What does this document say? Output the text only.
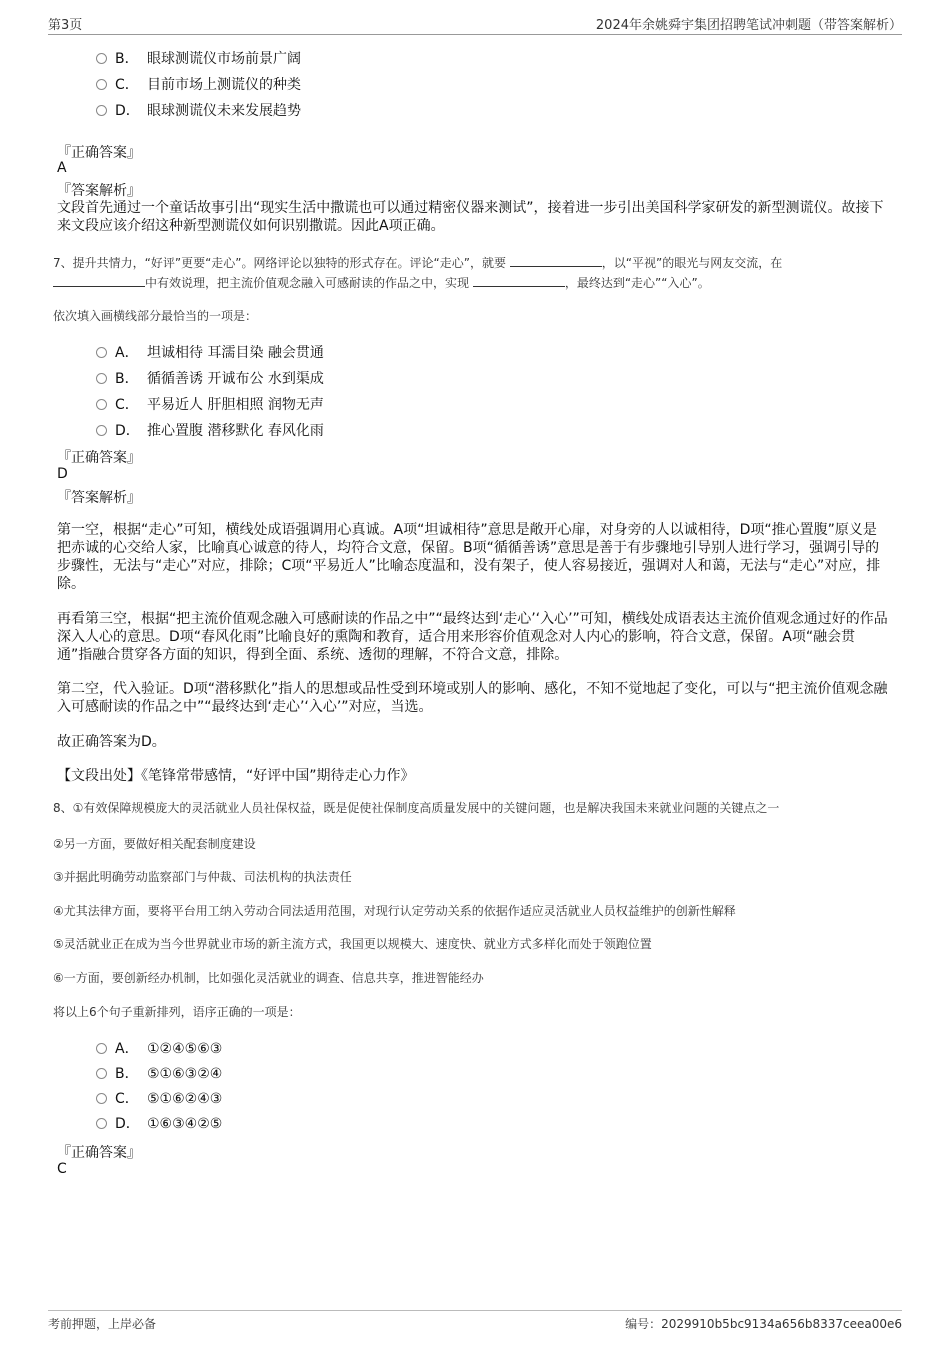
第3页	2024年余姚舜宇集团招聘笔试冲刺题（带答案解析）
B． 眼球测谎仪市场前景广阔
C． 目前市场上测谎仪的种类
D． 眼球测谎仪未来发展趋势
『正确答案』
A
『答案解析』
文段首先通过一个童话故事引出“现实生活中撒谎也可以通过精密仪器来测试”，接着进一步引出美国科学家研发的新型测谎仪。故接下来文段应该介绍这种新型测谎仪如何识别撒谎。因此A项正确。
7、提升共情力，“好评”更要“走心”。网络评论以独特的形式存在。评论“走心”，就要	，以“平视”的眼光与网友交流，在
中有效说理，把主流价值观念融入可感耐读的作品之中，实现	，最终达到“走心”“入心”。
依次填入画横线部分最恰当的一项是：
A． 坦诚相待 耳濡目染 融会贯通
B． 循循善诱 开诚布公 水到渠成
C． 平易近人 肝胆相照 润物无声
D． 推心置腹 潜移默化 春风化雨
『正确答案』
D
『答案解析』
第一空，根据“走心”可知，横线处成语强调用心真诚。A项“坦诚相待”意思是敞开心扉，对身旁的人以诚相待，D项“推心置腹”原义是把赤诚的心交给人家，比喻真心诚意的待人，均符合文意，保留。B项“循循善诱”意思是善于有步骤地引导别人进行学习，强调引导的步骤性，无法与“走心”对应，排除；C项“平易近人”比喻态度温和，没有架子，使人容易接近，强调对人和蔼，无法与“走心”对应，排除。
再看第三空，根据“把主流价值观念融入可感耐读的作品之中”“最终达到‘走心’‘入心’”可知，横线处成语表达主流价值观念通过好的作品深入人心的意思。D项“春风化雨”比喻良好的熏陶和教育，适合用来形容价值观念对人内心的影响，符合文意，保留。A项“融会贯通”指融合贯穿各方面的知识，得到全面、系统、透彻的理解，不符合文意，排除。
第二空，代入验证。D项“潜移默化”指人的思想或品性受到环境或别人的影响、感化，不知不觉地起了变化，可以与“把主流价值观念融入可感耐读的作品之中”“最终达到‘走心’‘入心’”对应，当选。
故正确答案为D。
【文段出处】《笔锋常带感情，“好评中国”期待走心力作》
8、①有效保障规模庞大的灵活就业人员社保权益，既是促使社保制度高质量发展中的关键问题，也是解决我国未来就业问题的关键点之一
②另一方面，要做好相关配套制度建设
③并据此明确劳动监察部门与仲裁、司法机构的执法责任
④尤其法律方面，要将平台用工纳入劳动合同法适用范围，对现行认定劳动关系的依据作适应灵活就业人员权益维护的创新性解释
⑤灵活就业正在成为当今世界就业市场的新主流方式，我国更以规模大、速度快、就业方式多样化而处于领跑位置
⑥一方面，要创新经办机制，比如强化灵活就业的调查、信息共享，推进智能经办
将以上6个句子重新排列，语序正确的一项是：
A． ①②④⑤⑥③
B． ⑤①⑥③②④
C． ⑤①⑥②④③
D． ①⑥③④②⑤
『正确答案』
C
考前押题，上岸必备	编号：2029910b5bc9134a656b8337ceea00e6
